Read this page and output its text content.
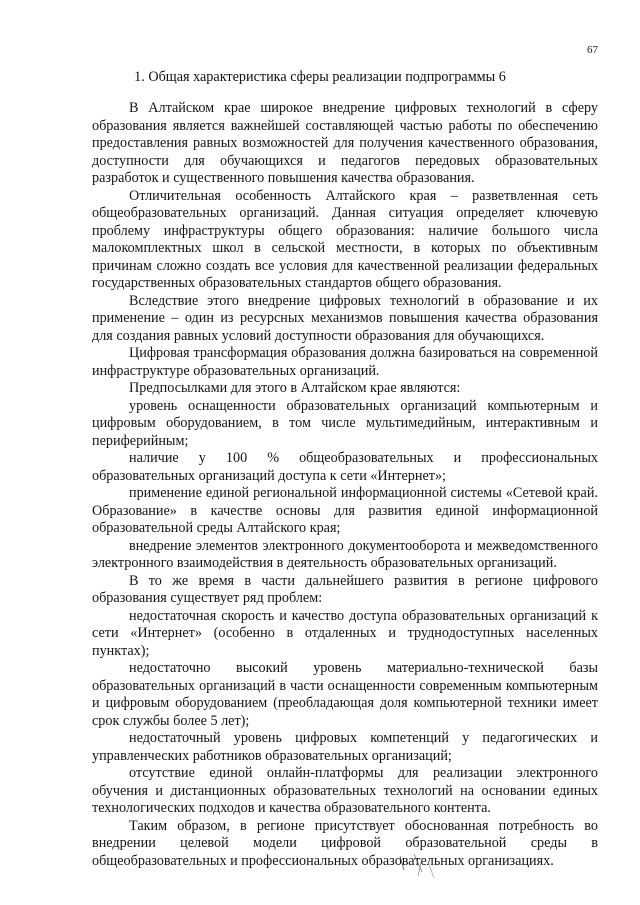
67
1. Общая характеристика сферы реализации подпрограммы 6

В Алтайском крае широкое внедрение цифровых технологий в сферу образования является важнейшей составляющей частью работы по обеспечению предоставления равных возможностей для получения качественного образования, доступности для обучающихся и педагогов передовых образовательных разработок и существенного повышения качества образования.

Отличительная особенность Алтайского края – разветвленная сеть общеобразовательных организаций. Данная ситуация определяет ключевую проблему инфраструктуры общего образования: наличие большого числа малокомплектных школ в сельской местности, в которых по объективным причинам сложно создать все условия для качественной реализации федеральных государственных образовательных стандартов общего образования.

Вследствие этого внедрение цифровых технологий в образование и их применение – один из ресурсных механизмов повышения качества образования для создания равных условий доступности образования для обучающихся.

Цифровая трансформация образования должна базироваться на современной инфраструктуре образовательных организаций.

Предпосылками для этого в Алтайском крае являются:

уровень оснащенности образовательных организаций компьютерным и цифровым оборудованием, в том числе мультимедийным, интерактивным и периферийным;

наличие у 100 % общеобразовательных и профессиональных образовательных организаций доступа к сети «Интернет»;

применение единой региональной информационной системы «Сетевой край. Образование» в качестве основы для развития единой информационной образовательной среды Алтайского края;

внедрение элементов электронного документооборота и межведомственного электронного взаимодействия в деятельность образовательных организаций.

В то же время в части дальнейшего развития в регионе цифрового образования существует ряд проблем:

недостаточная скорость и качество доступа образовательных организаций к сети «Интернет» (особенно в отдаленных и труднодоступных населенных пунктах);

недостаточно высокий уровень материально-технической базы образовательных организаций в части оснащенности современным компьютерным и цифровым оборудованием (преобладающая доля компьютерной техники имеет срок службы более 5 лет);

недостаточный уровень цифровых компетенций у педагогических и управленческих работников образовательных организаций;

отсутствие единой онлайн-платформы для реализации электронного обучения и дистанционных образовательных технологий на основании единых технологических подходов и качества образовательного контента.

Таким образом, в регионе присутствует обоснованная потребность во внедрении целевой модели цифровой образовательной среды в общеобразовательных и профессиональных образовательных организациях.
